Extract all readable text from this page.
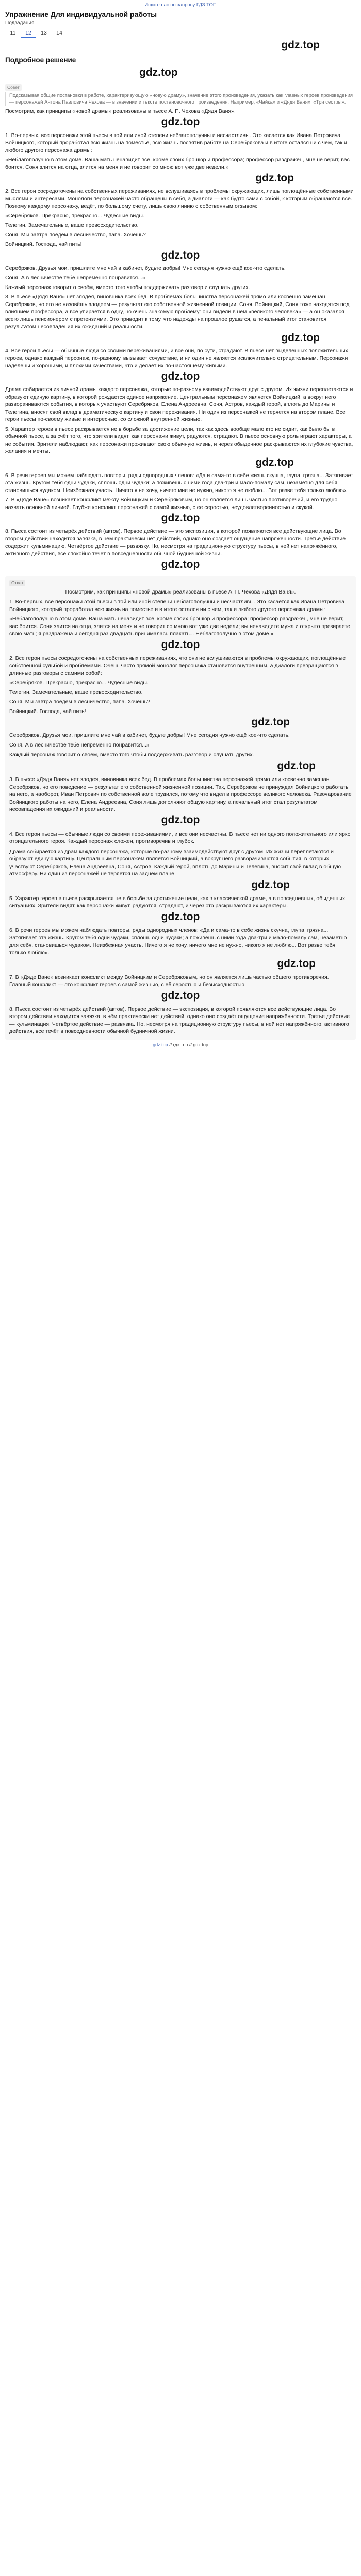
Ищите нас по запросу ГДЗ ТОП
Упражнение Для индивидуальной работы
Подзадания
11	12	13	14
gdz.top
Подробное решение
gdz.top
Совет
Подсказывая общие постановки в работе, характеризующую «новую драму», значение этого произведения, указать как главных героев произведения — персонажей Антона Павловича Чехова — в значении и тексте постановочного произведения. Например, «Чайка» и «Дядя Ваня», «Три сестры».
Посмотрим, как принципы «новой драмы» реализованы в пьесе А. П. Чехова «Дядя Ваня».
gdz.top
1. Во-первых, все персонажи этой пьесы в той или иной степени неблагополучны и несчастливы. Это касается как Ивана Петровича Войницкого, который проработал всю жизнь на поместье, всю жизнь посвятив работе на Серебрякова и в итоге остался ни с чем, так и любого другого персонажа драмы:
«Неблагополучно в этом доме. Ваша мать ненавидит все, кроме своих брошюр и профессора; профессор раздражен, мне не верит, вас боится. Соня злится на отца, злится на меня и не говорит со мною вот уже две недели.»
gdz.top
2. Все герои сосредоточены на собственных переживаниях, не вслушиваясь в проблемы окружающих, лишь поглощённые собственными мыслями и интересами. Монологи персонажей часто обращены в себя, а диалоги — как будто сами с собой, к которым обращаются все. Поэтому каждому персонажу, ведёт, по большому счёту, лишь свою линию с собственным отзывом:
«Серебряков. Прекрасно, прекрасно... Чудесные виды.
Телегин. Замечательные, ваше превосходительство.
Соня. Мы завтра поедем в лесничество, папа. Хочешь?
Войницкий. Господа, чай пить!
gdz.top
Серебряков. Друзья мои, пришлите мне чай в кабинет, будьте добры! Мне сегодня нужно ещё кое-что сделать.
Соня. А в лесничестве тебе непременно понравится...»
Каждый персонаж говорит о своём, вместо того чтобы поддерживать разговор и слушать других.
3. В пьесе «Дядя Ваня» нет злодея, виновника всех бед. В проблемах большинства персонажей прямо или косвенно замешан Серебряков, но его не назовёшь злодеем — результат его собственной жизненной позиции. Соня, Войницкий, Соня тоже находятся под влиянием профессора, а всё упирается в одну, но очень знакомую проблему: они видели в нём «великого человека» — а он оказался всего лишь пенсионером с претензиями. Это приводит к тому, что надежды на прошлое рушатся, а печальный итог становится результатом несовпадения их ожиданий и реальности.
gdz.top
4. Все герои пьесы — обычные люди со своими переживаниями, и все они, по сути, страдают. В пьесе нет выделенных положительных героев, однако каждый персонаж, по-разному, вызывает сочувствие, и ни один не является исключительно отрицательным. Персонажи наделены и хорошими, и плохими качествами, что и делает их по-настоящему живыми.
gdz.top
Драма собирается из личной драмы каждого персонажа, которые по-разному взаимодействуют друг с другом. Их жизни переплетаются и образуют единую картину, в которой рождается единое напряжение. Центральным персонажем является Войницкий, а вокруг него разворачиваются события, в которых участвуют Серебряков, Елена Андреевна, Соня, Астров, каждый герой, вплоть до Марины и Телегина, вносят свой вклад в драматическую картину и свои переживания. Ни один из персонажей не теряется на втором плане. Все герои пьесы по-своему живые и интересные, со сложной внутренней жизнью.
5. Характер героев в пьесе раскрывается не в борьбе за достижение цели, так как здесь вообще мало кто не сидит, как было бы в обычной пьесе, а за счёт того, что зрители видят, как персонажи живут, радуются, страдают. В пьесе основную роль играют характеры, а не события. Зрители наблюдают, как персонажи проживают свою обычную жизнь, и через обыденное раскрываются их глубокие чувства, желания и мечты.
gdz.top
6. В речи героев мы можем наблюдать повторы, ряды однородных членов: «Да и сама-то в себе жизнь скучна, глупа, грязна... Затягивает эта жизнь. Кругом тебя одни чудаки, сплошь одни чудаки; а поживёшь с ними года два-три и мало-помалу сам, незаметно для себя, становишься чудаком. Неизбежная участь. Ничего я не хочу, ничего мне не нужно, никого я не люблю... Вот разве тебя только люблю».
7. В «Дяде Ване» возникает конфликт между Войницким и Серебряковым, но он является лишь частью противоречий, и его трудно назвать основной линией. Глубже конфликт персонажей с самой жизнью, с её серостью, неудовлетворённостью и скукой.
gdz.top
8. Пьеса состоит из четырёх действий (актов). Первое действие — это экспозиция, в которой появляются все действующие лица. Во втором действии находится завязка, в нём практически нет действий, однако оно создаёт ощущение напряжённости. Третье действие содержит кульминацию. Четвёртое действие — развязку. Но, несмотря на традиционную структуру пьесы, в ней нет напряжённого, активного действия, всё спокойно течёт в повседневности обычной будничной жизни.
gdz.top
Ответ
Посмотрим, как принципы «новой драмы» реализованы в пьесе А. П. Чехова «Дядя Ваня».
1. Во-первых, все персонажи этой пьесы в той или иной степени неблагополучны и несчастливы. Это касается как Ивана Петровича Войницкого, который проработал всю жизнь на поместье и в итоге остался ни с чем, так и любого другого персонажа драмы:
«Неблагополучно в этом доме. Ваша мать ненавидит все, кроме своих брошюр и профессора; профессор раздражен, мне не верит, вас боится. Соня злится на отца, злится на меня и не говорит со мною вот уже две недели; вы ненавидите мужа и открыто презираете свою мать; я раздражена и сегодня раз двадцать принималась плакать... Неблагополучно в этом доме.»
gdz.top
2. Все герои пьесы сосредоточены на собственных переживаниях, что они не вслушиваются в проблемы окружающих, поглощённые собственной судьбой и проблемами. Очень часто прямой монолог персонажа становится внутренним, а диалоги превращаются в длинные разговоры с самими собой:
«Серебряков. Прекрасно, прекрасно... Чудесные виды.
Телегин. Замечательные, ваше превосходительство.
Соня. Мы завтра поедем в лесничество, папа. Хочешь?
Войницкий. Господа, чай пить!
gdz.top
Серебряков. Друзья мои, пришлите мне чай в кабинет, будьте добры! Мне сегодня нужно ещё кое-что сделать.
Соня. А в лесничестве тебе непременно понравится...»
Каждый персонаж говорит о своём, вместо того чтобы поддерживать разговор и слушать других.
gdz.top
3. В пьесе «Дядя Ваня» нет злодея, виновника всех бед. В проблемах большинства персонажей прямо или косвенно замешан Серебряков, но его поведение — результат его собственной жизненной позиции. Так, Серебряков не принуждал Войницкого работать на него, а наоборот, Иван Петрович по собственной воле трудился, потому что видел в профессоре великого человека. Разочарование Войницкого работы на него, Елена Андреевна, Соня лишь дополняют общую картину, а печальный итог стал результатом несовпадения их ожиданий и реальности.
gdz.top
4. Все герои пьесы — обычные люди со своими переживаниями, и все они несчастны. В пьесе нет ни одного положительного или ярко отрицательного героя. Каждый персонаж сложен, противоречив и глубок.
Драма собирается из драм каждого персонажа, которые по-разному взаимодействуют друг с другом. Их жизни переплетаются и образуют единую картину. Центральным персонажем является Войницкий, а вокруг него разворачиваются события, в которых участвуют Серебряков, Елена Андреевна, Соня, Астров. Каждый герой, вплоть до Марины и Телегина, вносит свой вклад в общую атмосферу. Ни один из персонажей не теряется на заднем плане.
gdz.top
5. Характер героев в пьесе раскрывается не в борьбе за достижение цели, как в классической драме, а в повседневных, обыденных ситуациях. Зрители видят, как персонажи живут, радуются, страдают, и через это раскрываются их характеры.
gdz.top
6. В речи героев мы можем наблюдать повторы, ряды однородных членов: «Да и сама-то в себе жизнь скучна, глупа, грязна... Затягивает эта жизнь. Кругом тебя одни чудаки, сплошь одни чудаки; а поживёшь с ними года два-три и мало-помалу сам, незаметно для себя, становишься чудаком. Неизбежная участь. Ничего я не хочу, ничего мне не нужно, никого я не люблю... Вот разве тебя только люблю».
gdz.top
7. В «Дяде Ване» возникает конфликт между Войницким и Серебряковым, но он является лишь частью общего противоречия. Главный конфликт — это конфликт героев с самой жизнью, с её серостью и безысходностью.
gdz.top
8. Пьеса состоит из четырёх действий (актов). Первое действие — экспозиция, в которой появляются все действующие лица. Во втором действии находится завязка, в нём практически нет действий, однако оно создаёт ощущение напряжённости. Третье действие — кульминация. Четвёртое действие — развязка. Но, несмотря на традиционную структуру пьесы, в ней нет напряжённого, активного действия, всё течёт в повседневности обычной будничной жизни.
gdz.top // гдз топ // gdz.top
